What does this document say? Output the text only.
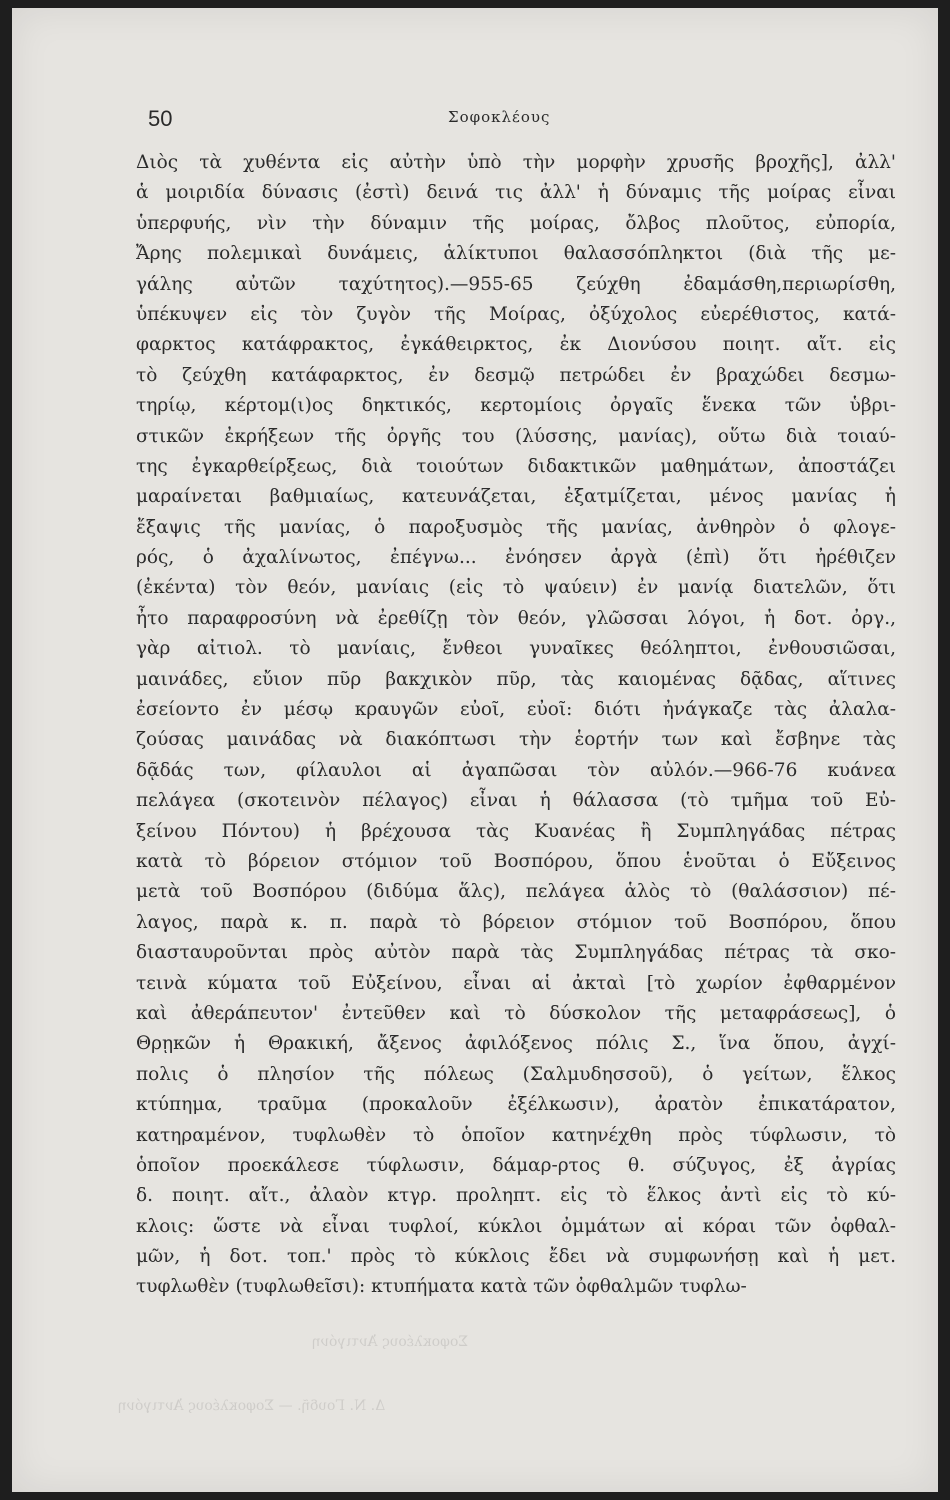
50	Σοφοκλέους
Διὸς τὰ χυθέντα εἰς αὐτὴν ὑπὸ τὴν μορφὴν χρυσῆς βροχῆς], ἀλλ'
ἁ μοιριδία δύνασις (ἐστὶ) δεινά τις ἀλλ' ἡ δύναμις τῆς μοίρας εἶναι
ὑπερφυής, νὶν τὴν δύναμιν τῆς μοίρας, ὄλβος πλοῦτος, εὐπορία,
Ἄρης πολεμικαὶ δυνάμεις, ἁλίκτυποι θαλασσόπληκτοι (διὰ τῆς με-
γάλης αὐτῶν ταχύτητος).—955-65 ζεύχθη ἐδαμάσθη,περιωρίσθη,
ὑπέκυψεν εἰς τὸν ζυγὸν τῆς Μοίρας, ὀξύχολος εὐερέθιστος, κατά-
φαρκτος κατάφρακτος, ἐγκάθειρκτος, ἐκ Διονύσου ποιητ. αἴτ. εἰς
τὸ ζεύχθη κατάφαρκτος, ἐν δεσμῷ πετρώδει ἐν βραχώδει δεσμω-
τηρίῳ, κέρτομ(ι)ος δηκτικός, κερτομίοις ὀργαῖς ἕνεκα τῶν ὑβρι-
στικῶν ἐκρήξεων τῆς ὀργῆς του (λύσσης, μανίας), οὕτω διὰ τοιαύ-
της ἐγκαρθείρξεως, διὰ τοιούτων διδακτικῶν μαθημάτων, ἀποστάζει
μαραίνεται βαθμιαίως, κατευνάζεται, ἐξατμίζεται, μένος μανίας ἡ
ἔξαψις τῆς μανίας, ὁ παροξυσμὸς τῆς μανίας, ἀνθηρὸν ὁ φλογε-
ρός, ὁ ἀχαλίνωτος, ἐπέγνω... ἐνόησεν ἀργὰ (ἐπὶ) ὅτι ἠρέθιζεν
(ἐκέντα) τὸν θεόν, μανίαις (εἰς τὸ ψαύειν) ἐν μανίᾳ διατελῶν, ὅτι
ἦτο παραφροσύνη νὰ ἐρεθίζῃ τὸν θεόν, γλῶσσαι λόγοι, ἡ δοτ. ὀργ.,
γὰρ αἰτιολ. τὸ μανίαις, ἔνθεοι γυναῖκες θεόληπτοι, ἐνθουσιῶσαι,
μαινάδες, εὔιον πῦρ βακχικὸν πῦρ, τὰς καιομένας δᾷδας, αἵτινες
ἐσείοντο ἐν μέσῳ κραυγῶν εὐοῖ, εὐοῖ: διότι ἠνάγκαζε τὰς ἀλαλα-
ζούσας μαινάδας νὰ διακόπτωσι τὴν ἑορτήν των καὶ ἔσβηνε τὰς
δᾷδάς των, φίλαυλοι αἱ ἀγαπῶσαι τὸν αὐλόν.—966-76 κυάνεα
πελάγεα (σκοτεινὸν πέλαγος) εἶναι ἡ θάλασσα (τὸ τμῆμα τοῦ Εὐ-
ξείνου Πόντου) ἡ βρέχουσα τὰς Κυανέας ἢ Συμπληγάδας πέτρας
κατὰ τὸ βόρειον στόμιον τοῦ Βοσπόρου, ὅπου ἑνοῦται ὁ Εὔξεινος
μετὰ τοῦ Βοσπόρου (διδύμα ἅλς), πελάγεα ἁλὸς τὸ (θαλάσσιον) πέ-
λαγος, παρὰ κ. π. παρὰ τὸ βόρειον στόμιον τοῦ Βοσπόρου, ὅπου
διασταυροῦνται πρὸς αὐτὸν παρὰ τὰς Συμπληγάδας πέτρας τὰ σκο-
τεινὰ κύματα τοῦ Εὐξείνου, εἶναι αἱ ἀκταὶ [τὸ χωρίον ἐφθαρμένον
καὶ ἀθεράπευτον' ἐντεῦθεν καὶ τὸ δύσκολον τῆς μεταφράσεως], ὁ
Θρῃκῶν ἡ Θρακική, ἄξενος ἀφιλόξενος πόλις Σ., ἵνα ὅπου, ἀγχί-
πολις ὁ πλησίον τῆς πόλεως (Σαλμυδησσοῦ), ὁ γείτων, ἕλκος
κτύπημα, τραῦμα (προκαλοῦν ἐξέλκωσιν), ἀρατὸν ἐπικατάρατον,
κατηραμένον, τυφλωθὲν τὸ ὁποῖον κατηνέχθη πρὸς τύφλωσιν, τὸ
ὁποῖον προεκάλεσε τύφλωσιν, δάμαρ-ρτος θ. σύζυγος, ἐξ ἀγρίας
δ. ποιητ. αἴτ., ἀλαὸν κτγρ. προληπτ. εἰς τὸ ἕλκος ἀντὶ εἰς τὸ κύ-
κλοις: ὥστε νὰ εἶναι τυφλοί, κύκλοι ὀμμάτων αἱ κόραι τῶν ὀφθαλ-
μῶν, ἡ δοτ. τοπ.' πρὸς τὸ κύκλοις ἔδει νὰ συμφωνήσῃ καὶ ἡ μετ.
τυφλωθὲν (τυφλωθεῖσι): κτυπήματα κατὰ τῶν ὀφθαλμῶν τυφλω-
Σοφοκλέους Ἀντιγόνη
Δ. Ν. Γουδῆ. — Σοφοκλέους Ἀντιγόνη
